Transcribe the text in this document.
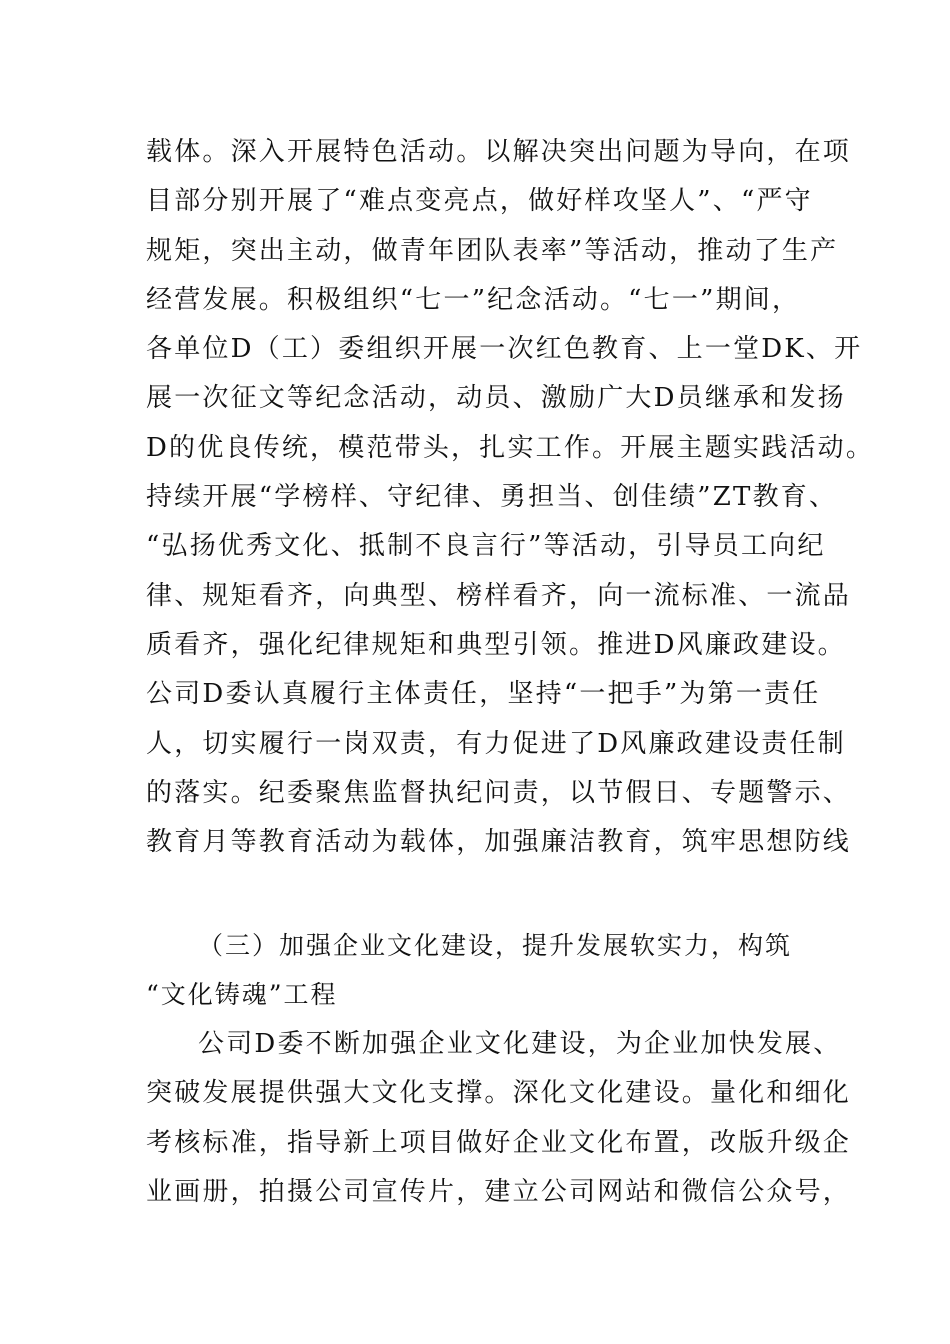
载体。深入开展特色活动。以解决突出问题为导向，在项
目部分别开展了“难点变亮点，做好样攻坚人”、“严守
规矩，突出主动，做青年团队表率”等活动，推动了生产
经营发展。积极组织“七一”纪念活动。“七一”期间，
各单位D（工）委组织开展一次红色教育、上一堂DK、开
展一次征文等纪念活动，动员、激励广大D员继承和发扬
D的优良传统，模范带头，扎实工作。开展主题实践活动。
持续开展“学榜样、守纪律、勇担当、创佳绩”ZT教育、
“弘扬优秀文化、抵制不良言行”等活动，引导员工向纪
律、规矩看齐，向典型、榜样看齐，向一流标准、一流品
质看齐，强化纪律规矩和典型引领。推进D风廉政建设。
公司D委认真履行主体责任，坚持“一把手”为第一责任
人，切实履行一岗双责，有力促进了D风廉政建设责任制
的落实。纪委聚焦监督执纪问责，以节假日、专题警示、
教育月等教育活动为载体，加强廉洁教育，筑牢思想防线
（三）加强企业文化建设，提升发展软实力，构筑
“文化铸魂”工程
公司D委不断加强企业文化建设，为企业加快发展、
突破发展提供强大文化支撑。深化文化建设。量化和细化
考核标准，指导新上项目做好企业文化布置，改版升级企
业画册，拍摄公司宣传片，建立公司网站和微信公众号，
